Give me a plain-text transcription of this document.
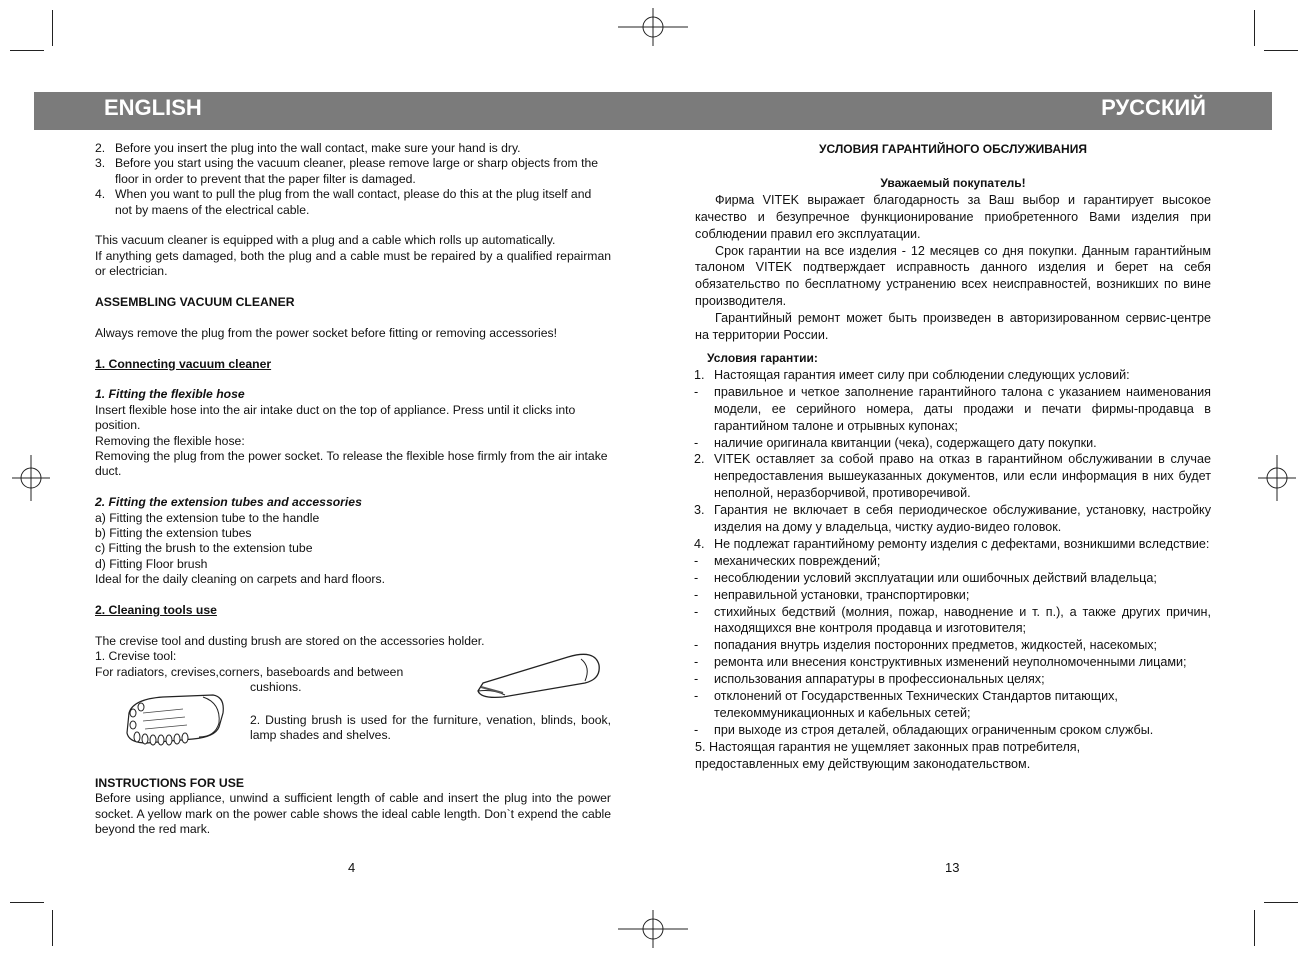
ENGLISH	РУССКИЙ
2. Before you insert the plug into the wall contact, make sure your hand is dry.
3. Before you start using the vacuum cleaner, please remove large or sharp objects from the floor in order to prevent that the paper filter is damaged.
4. When you want to pull the plug from the wall contact, please do this at the plug itself and not by maens of the electrical cable.

This vacuum cleaner is equipped with a plug and a cable which rolls up automatically.

If anything gets damaged, both the plug and a cable must be repaired by a qualified repairman or electrician.

ASSEMBLING VACUUM CLEANER

Always remove the plug from the power socket before fitting or removing accessories!

1. Connecting vacuum cleaner

1. Fitting the flexible hose

Insert flexible hose into the air intake duct on the top of appliance. Press until it clicks into position.

Removing the flexible hose:

Removing the plug from the power socket. To release the flexible hose firmly from the air intake duct.

2. Fitting the extension tubes and accessories

a) Fitting the extension tube to the handle

b) Fitting the extension tubes

c) Fitting the brush to the extension tube

d) Fitting Floor brush

Ideal for the daily cleaning on carpets and hard floors.

2. Cleaning tools use

The crevise tool and dusting brush are stored on the accessories holder.

1. Crevise tool:

For radiators, crevises,corners, baseboards and between

cushions.

2. Dusting brush is used for the furniture, venation, blinds, book, lamp shades and shelves.

INSTRUCTIONS FOR USE

Before using appliance, unwind a sufficient length of cable and insert the plug into the power socket. A yellow mark on the power cable shows the ideal cable length. Don`t expend the cable beyond the red mark.

4

УСЛОВИЯ ГАРАНТИЙНОГО ОБСЛУЖИВАНИЯ

Уважаемый покупатель!

Фирма VITEK выражает благодарность за Ваш выбор и гарантирует высокое качество и безупречное функционирование приобретенного Вами изделия при соблюдении правил его эксплуатации.

Срок гарантии на все изделия - 12 месяцев со дня покупки. Данным гарантийным талоном VITEK подтверждает исправность данного изделия и берет на себя обязательство по бесплатному устранению всех неисправностей, возникших по вине производителя.

Гарантийный ремонт может быть произведен в авторизированном сервис-центре на территории России.

Условия гарантии:

1. Настоящая гарантия имеет силу при соблюдении следующих условий:
- правильное и четкое заполнение гарантийного талона с указанием наименования модели, ее серийного номера, даты продажи и печати фирмы-продавца в гарантийном талоне и отрывных купонах;
- наличие оригинала квитанции (чека), содержащего дату покупки.
2. VITEK оставляет за собой право на отказ в гарантийном обслуживании в случае непредоставления вышеуказанных документов, или если информация в них будет неполной, неразборчивой, противоречивой.
3. Гарантия не включает в себя периодическое обслуживание, установку, настройку изделия на дому у владельца, чистку аудио-видео головок.
4. Не подлежат гарантийному ремонту изделия с дефектами, возникшими вследствие:
- механических повреждений;
- несоблюдении условий эксплуатации или ошибочных действий владельца;
- неправильной установки, транспортировки;
- стихийных бедствий (молния, пожар, наводнение и т. п.), а также других причин, находящихся вне контроля продавца и изготовителя;
- попадания внутрь изделия посторонних предметов, жидкостей, насекомых;
- ремонта или внесения конструктивных изменений неуполномоченными лицами;
- использования аппаратуры в профессиональных целях;
- отклонений от Государственных Технических Стандартов питающих, телекоммуникационных и кабельных сетей;
- при выходе из строя деталей, обладающих ограниченным сроком службы.

5. Настоящая гарантия не ущемляет законных прав потребителя,

предоставленных ему действующим законодательством.

13
